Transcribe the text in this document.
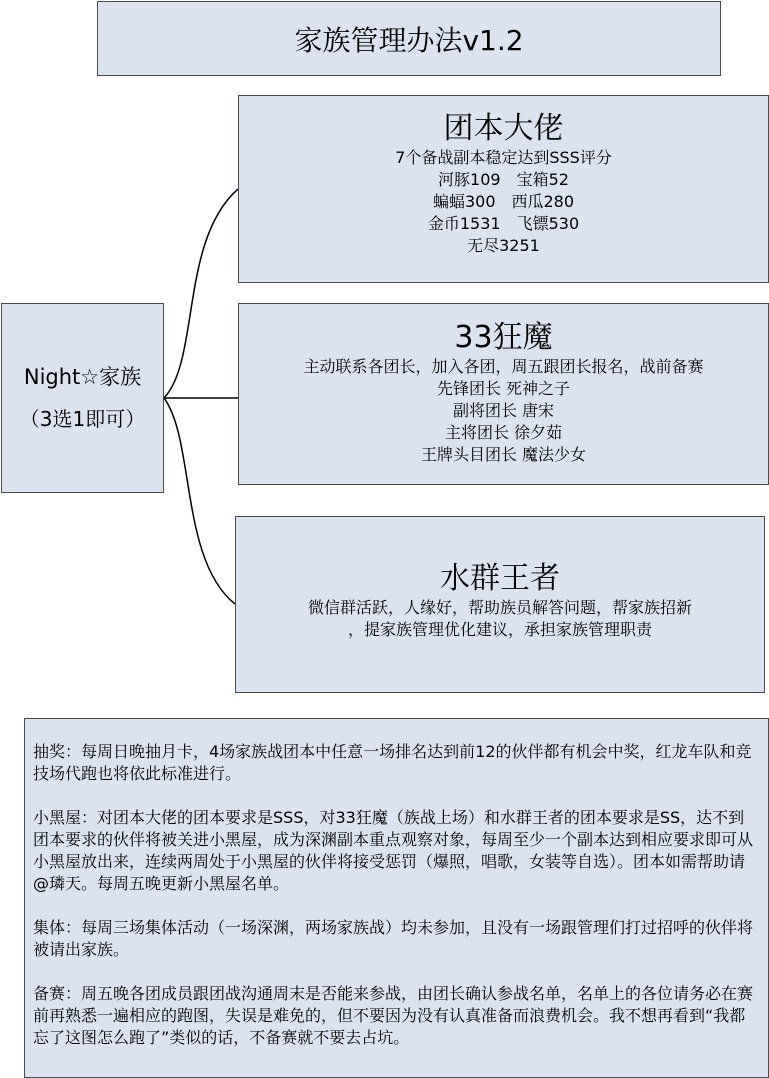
家族管理办法v1.2
Night☆家族
（3选1即可）
团本大佬
7个备战副本稳定达到SSS评分
河豚109　宝箱52
蝙蝠300　西瓜280
金币1531　飞镖530
无尽3251
33狂魔
主动联系各团长，加入各团，周五跟团长报名，战前备赛
先锋团长 死神之子
副将团长 唐宋
主将团长 徐夕茹
王牌头目团长 魔法少女
水群王者
微信群活跃，人缘好，帮助族员解答问题，帮家族招新
，提家族管理优化建议，承担家族管理职责

抽奖：每周日晚抽月卡，4场家族战团本中任意一场排名达到前12的伙伴都有机会中奖，红龙车队和竞技场代跑也将依此标准进行。

小黑屋：对团本大佬的团本要求是SSS，对33狂魔（族战上场）和水群王者的团本要求是SS，达不到团本要求的伙伴将被关进小黑屋，成为深渊副本重点观察对象，每周至少一个副本达到相应要求即可从小黑屋放出来，连续两周处于小黑屋的伙伴将接受惩罚（爆照，唱歌，女装等自选）。团本如需帮助请@璘天。每周五晚更新小黑屋名单。

集体：每周三场集体活动（一场深渊，两场家族战）均未参加，且没有一场跟管理们打过招呼的伙伴将被请出家族。

备赛：周五晚各团成员跟团战沟通周末是否能来参战，由团长确认参战名单，名单上的各位请务必在赛前再熟悉一遍相应的跑图，失误是难免的，但不要因为没有认真准备而浪费机会。我不想再看到“我都忘了这图怎么跑了”类似的话，不备赛就不要去占坑。
